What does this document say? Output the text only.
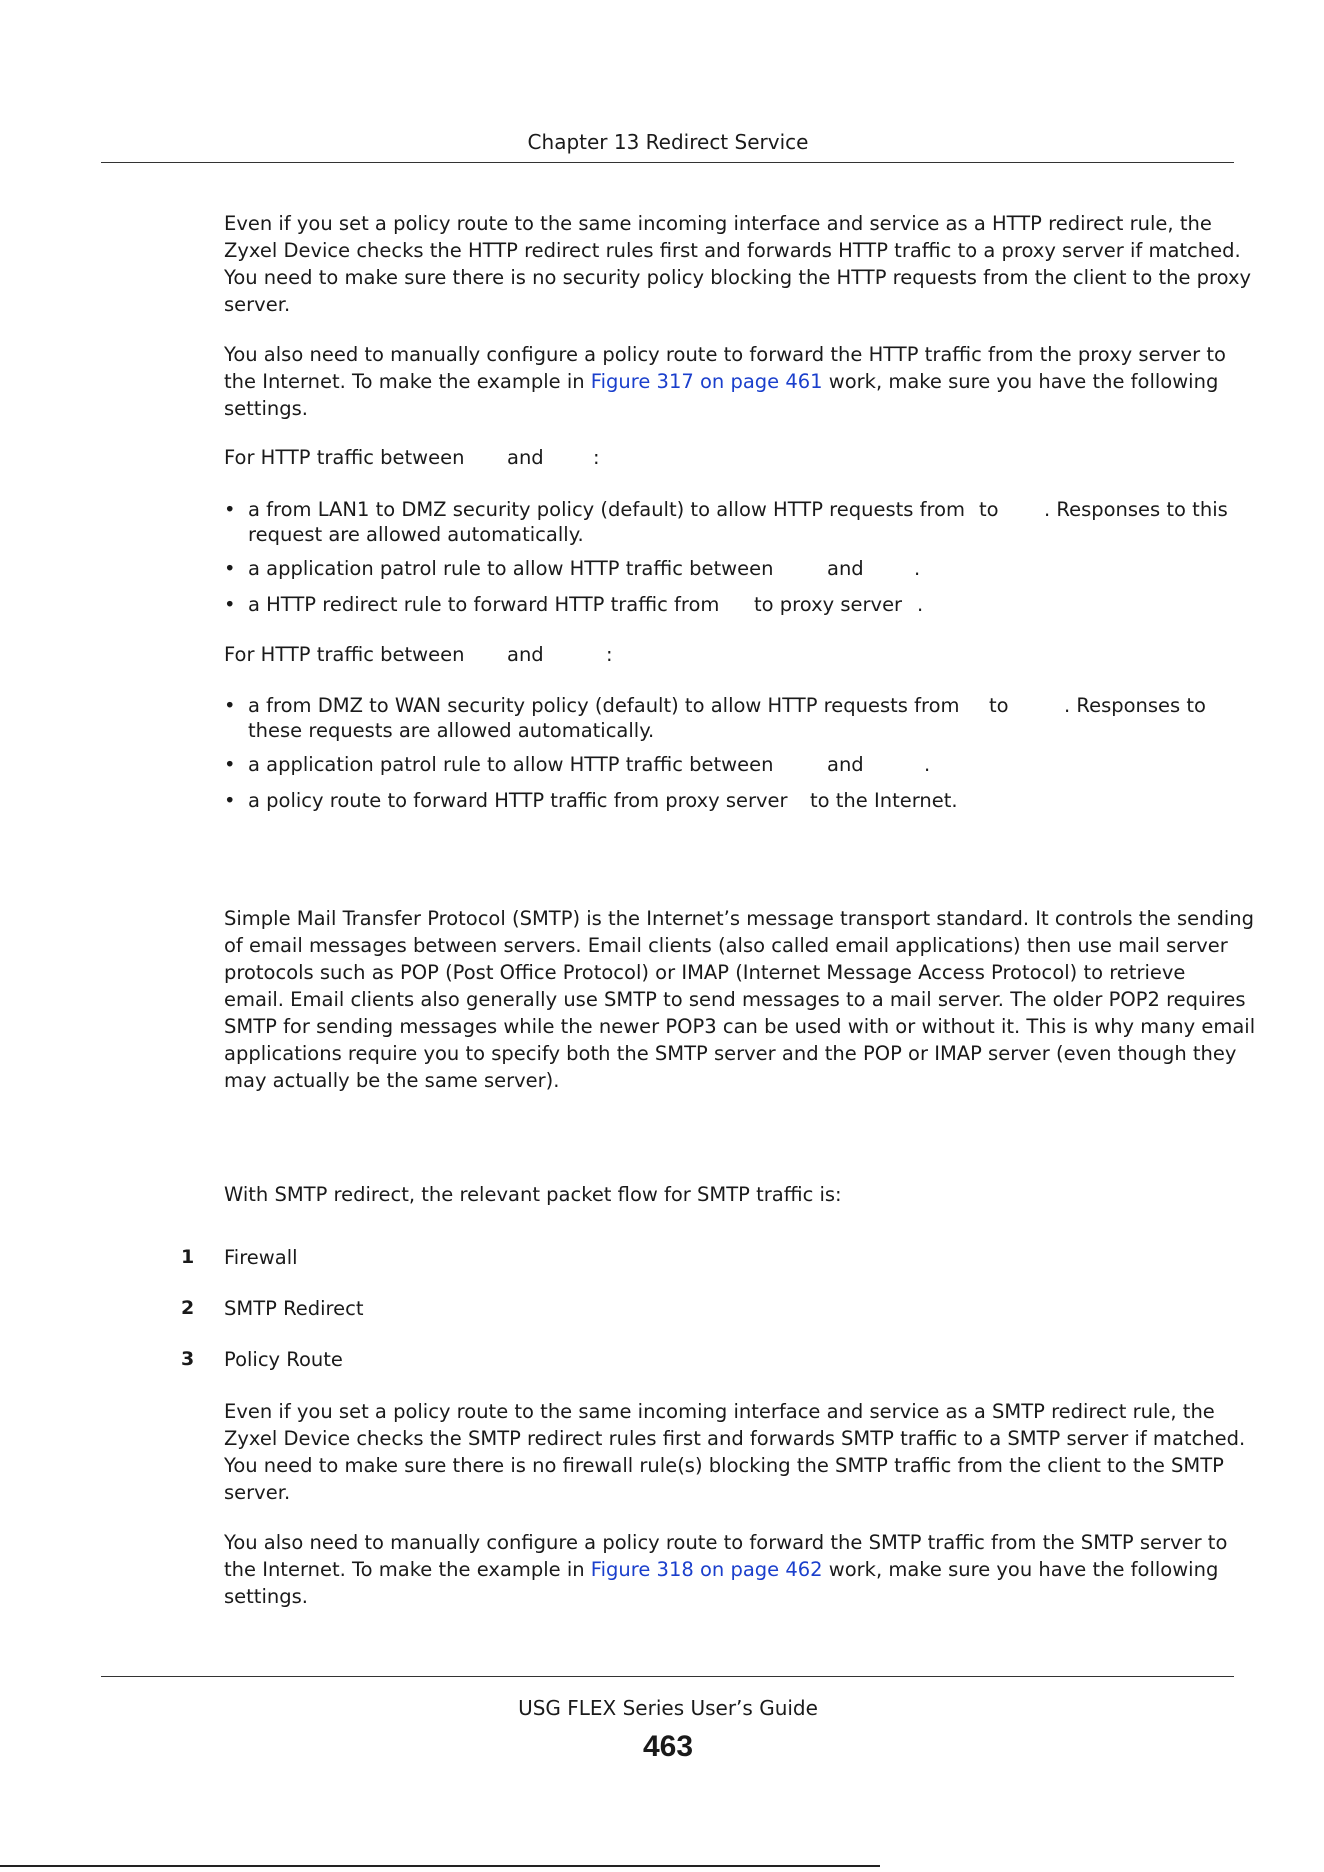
Chapter 13 Redirect Service
Even if you set a policy route to the same incoming interface and service as a HTTP redirect rule, the
Zyxel Device checks the HTTP redirect rules first and forwards HTTP traffic to a proxy server if matched.
You need to make sure there is no security policy blocking the HTTP requests from the client to the proxy
server.
You also need to manually configure a policy route to forward the HTTP traffic from the proxy server to
the Internet. To make the example in Figure 317 on page 461 work, make sure you have the following
settings.
For HTTP traffic between and	:
• a from LAN1 to DMZ security policy (default) to allow HTTP requests from to . Responses to this
request are allowed automatically.
• a application patrol rule to allow HTTP traffic between	and	.
• a HTTP redirect rule to forward HTTP traffic from to proxy server .
For HTTP traffic between and	:
• a from DMZ to WAN security policy (default) to allow HTTP requests from to	. Responses to
these requests are allowed automatically.
• a application patrol rule to allow HTTP traffic between	and	.
• a policy route to forward HTTP traffic from proxy server to the Internet.
Simple Mail Transfer Protocol (SMTP) is the Internet’s message transport standard. It controls the sending
of email messages between servers. Email clients (also called email applications) then use mail server
protocols such as POP (Post Office Protocol) or IMAP (Internet Message Access Protocol) to retrieve
email. Email clients also generally use SMTP to send messages to a mail server. The older POP2 requires
SMTP for sending messages while the newer POP3 can be used with or without it. This is why many email
applications require you to specify both the SMTP server and the POP or IMAP server (even though they
may actually be the same server).
With SMTP redirect, the relevant packet flow for SMTP traffic is:
1 Firewall
2 SMTP Redirect
3 Policy Route
Even if you set a policy route to the same incoming interface and service as a SMTP redirect rule, the
Zyxel Device checks the SMTP redirect rules first and forwards SMTP traffic to a SMTP server if matched.
You need to make sure there is no firewall rule(s) blocking the SMTP traffic from the client to the SMTP
server.
You also need to manually configure a policy route to forward the SMTP traffic from the SMTP server to
the Internet. To make the example in Figure 318 on page 462 work, make sure you have the following
settings.
USG FLEX Series User’s Guide
463
